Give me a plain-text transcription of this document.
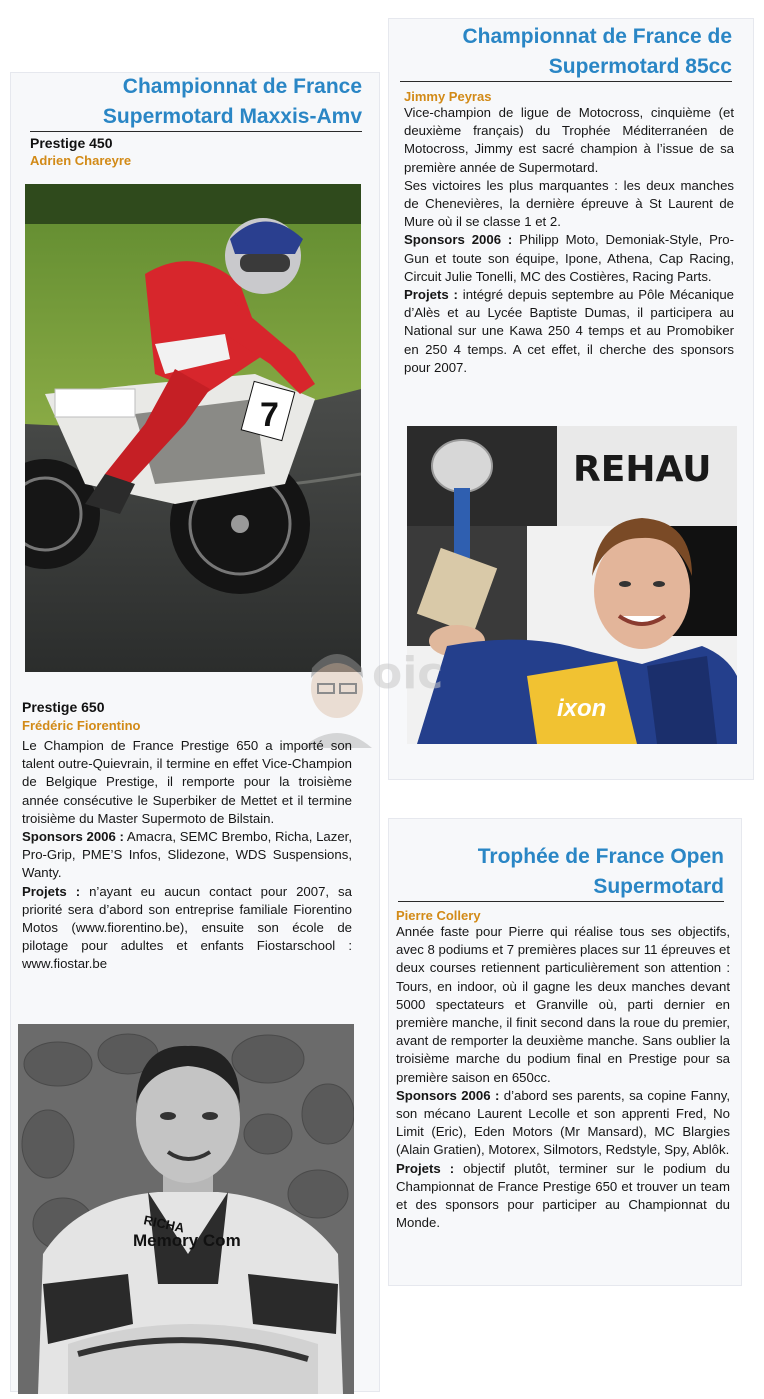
Championnat de France
Supermotard Maxxis-Amv
Prestige 450
Adrien Chareyre
7
Prestige 650
Frédéric Fiorentino

Le Champion de France Prestige 650 a importé son talent outre-Quievrain, il termine en effet Vice-Champion de Belgique Prestige, il remporte pour la troisième année consécutive le Superbiker de Mettet et il termine troisième du Master Supermoto de Bilstain.

Sponsors 2006 : Amacra, SEMC Brembo, Richa, Lazer, Pro-Grip, PME’S Infos, Slidezone, WDS Suspensions, Wanty.

Projets : n’ayant eu aucun contact pour 2007, sa priorité sera d’abord son entreprise familiale Fiorentino Motos (www.fiorentino.be), ensuite son école de pilotage pour adultes et enfants Fiostarschool : www.fiostar.be

RICHA
Memory Com
Championnat de France de
Supermotard 85cc
Jimmy Peyras

Vice-champion de ligue de Motocross, cinquième (et deuxième français) du Trophée Méditerranéen de Motocross, Jimmy est sacré champion à l’issue de sa première année de Supermotard.

Ses victoires les plus marquantes : les deux manches de Chenevières, la dernière épreuve à St Laurent de Mure où il se classe 1 et 2.

Sponsors 2006 : Philipp Moto, Demoniak-Style, Pro-Gun et toute son équipe, Ipone, Athena, Cap Racing, Circuit Julie Tonelli, MC des Costières, Racing Parts.

Projets : intégré depuis septembre au Pôle Mécanique d’Alès et au Lycée Baptiste Dumas, il participera au National sur une Kawa 250 4 temps et au Promobiker en 250 4 temps. A cet effet, il cherche des sponsors pour 2007.

REHAU
ixon
oic
Trophée de France Open
Supermotard
Pierre Collery

Année faste pour Pierre qui réalise tous ses objectifs, avec 8 podiums et 7 premières places sur 11 épreuves et deux courses retiennent particulièrement son attention : Tours, en indoor, où il gagne les deux manches devant 5000 spectateurs et Granville où, parti dernier en première manche, il finit second dans la roue du premier, avant de remporter la deuxième manche. Sans oublier la troisième marche du podium final en Prestige pour sa première saison en 650cc.

Sponsors 2006 : d’abord ses parents, sa copine Fanny, son mécano Laurent Lecolle et son apprenti Fred, No Limit (Eric), Eden Motors (Mr Mansard), MC Blargies (Alain Gratien), Motorex, Silmotors, Redstyle, Spy, Ablôk.

Projets : objectif plutôt, terminer sur le podium du Championnat de France Prestige 650 et trouver un team et des sponsors pour participer au Championnat du Monde.
